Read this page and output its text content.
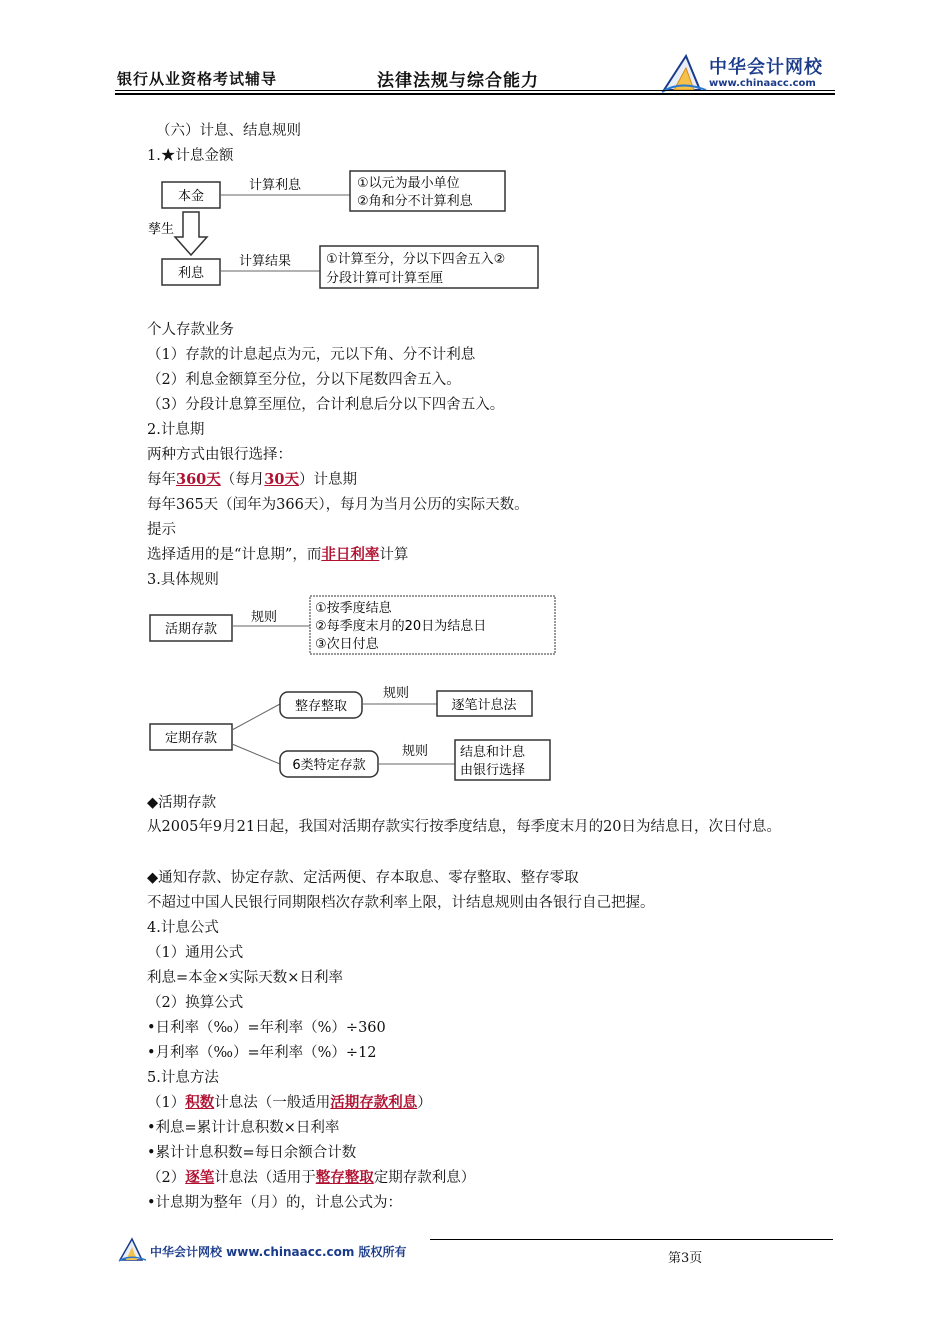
银行从业资格考试辅导	法律法规与综合能力
中华会计网校
www.chinaacc.com
（六）计息、结息规则
1.★计息金额
本金
计算利息	①以元为最小单位
②角和分不计算利息
孳生
利息
计算结果	①计算至分，分以下四舍五入②
分段计算可计算至厘
个人存款业务
（1）存款的计息起点为元，元以下角、分不计利息
（2）利息金额算至分位，分以下尾数四舍五入。
（3）分段计息算至厘位，合计利息后分以下四舍五入。
2.计息期
两种方式由银行选择：
每年360天（每月30天）计息期
每年365天（闰年为366天），每月为当月公历的实际天数。
提示
选择适用的是“计息期”，而非日利率计算
3.具体规则
活期存款
规则
①按季度结息
②每季度末月的20日为结息日
③次日付息
定期存款
整存整取
规则
逐笔计息法
6类特定存款
规则 结息和计息
由银行选择
◆活期存款
从2005年9月21日起，我国对活期存款实行按季度结息，每季度末月的20日为结息日，次日付息。
◆通知存款、协定存款、定活两便、存本取息、零存整取、整存零取
不超过中国人民银行同期限档次存款利率上限，计结息规则由各银行自己把握。
4.计息公式
（1）通用公式
利息=本金×实际天数×日利率
（2）换算公式
•日利率（‰）=年利率（%）÷360
•月利率（‰）=年利率（%）÷12
5.计息方法
（1）积数计息法（一般适用活期存款利息）
•利息=累计计息积数×日利率
•累计计息积数=每日余额合计数
（2）逐笔计息法（适用于整存整取定期存款利息）
•计息期为整年（月）的，计息公式为：
中华会计网校 www.chinaacc.com 版权所有	第3页
